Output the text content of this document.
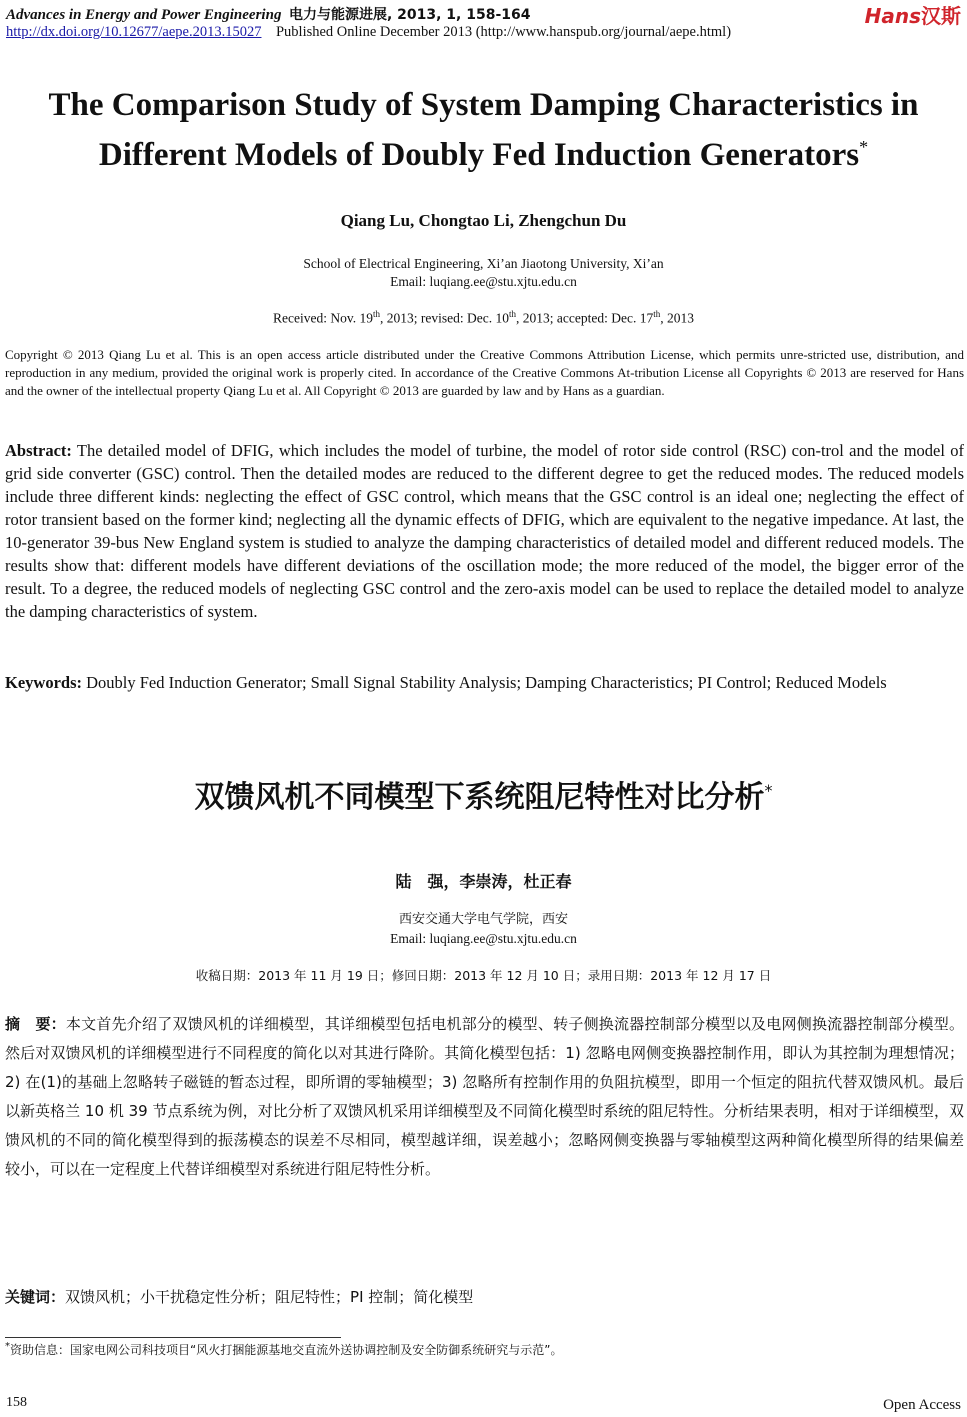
Advances in Energy and Power Engineering 电力与能源进展, 2013, 1, 158-164
http://dx.doi.org/10.12677/aepe.2013.15027 Published Online December 2013 (http://www.hanspub.org/journal/aepe.html)
Hans汉斯
The Comparison Study of System Damping Characteristics in
Different Models of Doubly Fed Induction Generators*
Qiang Lu, Chongtao Li, Zhengchun Du
School of Electrical Engineering, Xi’an Jiaotong University, Xi’an
Email: luqiang.ee@stu.xjtu.edu.cn
Received: Nov. 19th, 2013; revised: Dec. 10th, 2013; accepted: Dec. 17th, 2013
Copyright © 2013 Qiang Lu et al. This is an open access article distributed under the Creative Commons Attribution License, which permits unre-stricted use, distribution, and reproduction in any medium, provided the original work is properly cited. In accordance of the Creative Commons At-tribution License all Copyrights © 2013 are reserved for Hans and the owner of the intellectual property Qiang Lu et al. All Copyright © 2013 are guarded by law and by Hans as a guardian.
Abstract: The detailed model of DFIG, which includes the model of turbine, the model of rotor side control (RSC) con-trol and the model of grid side converter (GSC) control. Then the detailed modes are reduced to the different degree to get the reduced modes. The reduced models include three different kinds: neglecting the effect of GSC control, which means that the GSC control is an ideal one; neglecting the effect of rotor transient based on the former kind; neglecting all the dynamic effects of DFIG, which are equivalent to the negative impedance. At last, the 10-generator 39-bus New England system is studied to analyze the damping characteristics of detailed model and different reduced models. The results show that: different models have different deviations of the oscillation mode; the more reduced of the model, the bigger error of the result. To a degree, the reduced models of neglecting GSC control and the zero-axis model can be used to replace the detailed model to analyze the damping characteristics of system.
Keywords: Doubly Fed Induction Generator; Small Signal Stability Analysis; Damping Characteristics; PI Control; Reduced Models
双馈风机不同模型下系统阻尼特性对比分析*
陆　强，李崇涛，杜正春
西安交通大学电气学院，西安
Email: luqiang.ee@stu.xjtu.edu.cn
收稿日期：2013 年 11 月 19 日；修回日期：2013 年 12 月 10 日；录用日期：2013 年 12 月 17 日
摘　要：本文首先介绍了双馈风机的详细模型，其详细模型包括电机部分的模型、转子侧换流器控制部分模型以及电网侧换流器控制部分模型。然后对双馈风机的详细模型进行不同程度的简化以对其进行降阶。其简化模型包括：1) 忽略电网侧变换器控制作用，即认为其控制为理想情况；2) 在(1)的基础上忽略转子磁链的暂态过程，即所谓的零轴模型；3) 忽略所有控制作用的负阻抗模型，即用一个恒定的阻抗代替双馈风机。最后以新英格兰 10 机 39 节点系统为例，对比分析了双馈风机采用详细模型及不同简化模型时系统的阻尼特性。分析结果表明，相对于详细模型，双馈风机的不同的简化模型得到的振荡模态的误差不尽相同，模型越详细，误差越小；忽略网侧变换器与零轴模型这两种简化模型所得的结果偏差较小，可以在一定程度上代替详细模型对系统进行阻尼特性分析。
关键词：双馈风机；小干扰稳定性分析；阻尼特性；PI 控制；简化模型
*资助信息：国家电网公司科技项目“风火打捆能源基地交直流外送协调控制及安全防御系统研究与示范”。
158	Open Access
